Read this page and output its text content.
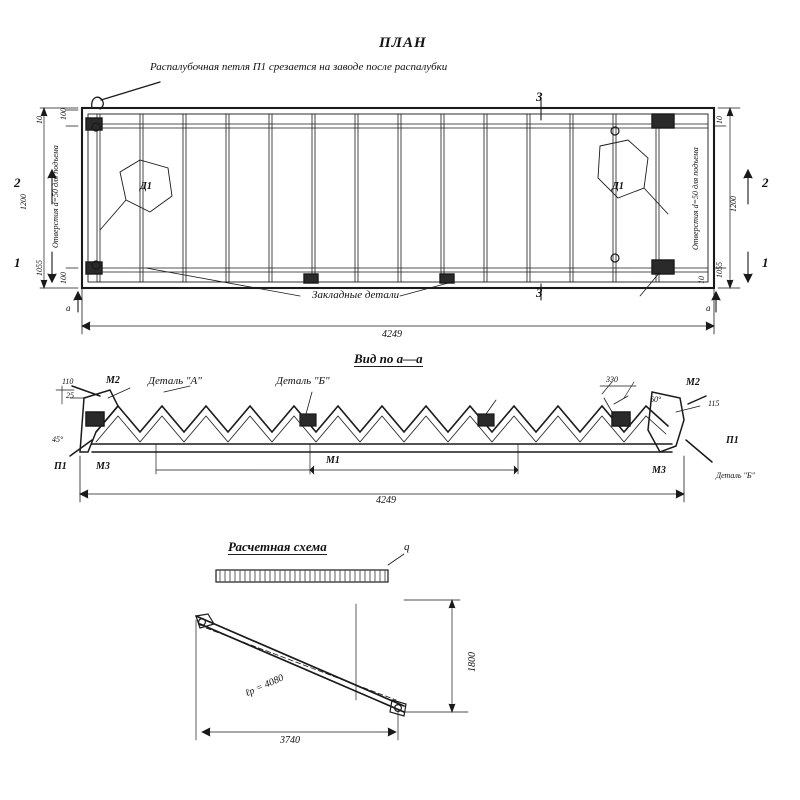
ПЛАН
Распалубочная петля П1 срезается на заводе после распалубки
Д1	Д1
2
1
2
1
3
3
a	a
Закладные детали
Отверстия d=50 для подъема	Отверстия d=50 для подъема
4249
1200	1200
10
1055
100
100
10
1055
10
Вид по а—а
Деталь "А"	Деталь "Б"
Деталь "Б"
М2	М2
М3	М3
М1
П1
П1
4249
330
110
25
45°
60°	115
Расчетная схема	q
ℓр = 4080
1800
3740
